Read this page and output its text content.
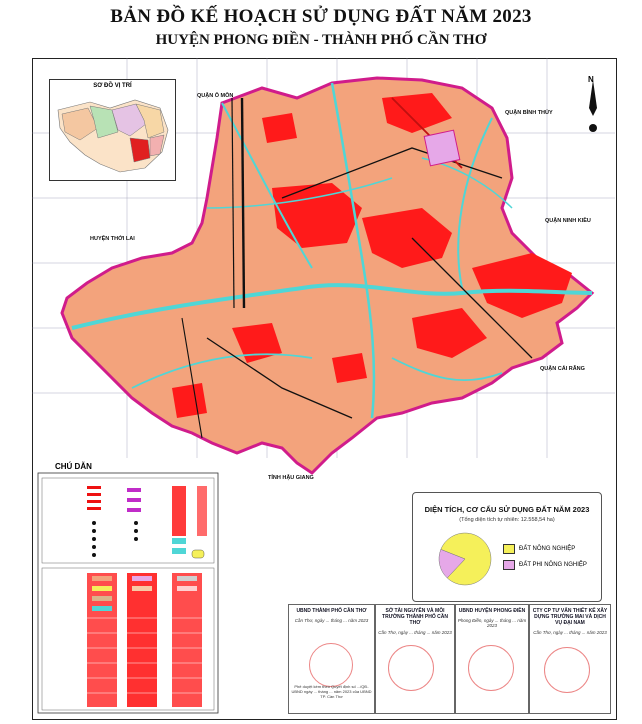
BẢN ĐỒ KẾ HOẠCH SỬ DỤNG ĐẤT NĂM 2023
HUYỆN PHONG ĐIỀN - THÀNH PHỐ CẦN THƠ
QUẬN Ô MÔN
QUẬN BÌNH THỦY
QUẬN NINH KIỀU
HUYỆN THỚI LAI
QUẬN CÁI RĂNG
TỈNH HẬU GIANG
N
SƠ ĐỒ VỊ TRÍ
CHÚ DẪN
DIỆN TÍCH, CƠ CẤU SỬ DỤNG ĐẤT NĂM 2023
(Tổng diện tích tự nhiên: 12.558,54 ha)
ĐẤT NÔNG NGHIỆP
ĐẤT PHI NÔNG NGHIỆP
UBND THÀNH PHỐ CẦN THƠ
Cần Thơ, ngày ... tháng ... năm 2023
Phê duyệt kèm theo Quyết định số .../QĐ-UBND ngày ... tháng ... năm 2023 của UBND TP. Cần Thơ
SỞ TÀI NGUYÊN VÀ MÔI TRƯỜNG THÀNH PHỐ CẦN THƠ
Cần Thơ, ngày ... tháng ... năm 2023
UBND HUYỆN PHONG ĐIỀN
Phong Điền, ngày ... tháng ... năm 2023
CTY CP TƯ VẤN THIẾT KẾ XÂY DỰNG TRƯỜNG MAI VÀ DỊCH VỤ ĐẠI NAM
Cần Thơ, ngày ... tháng ... năm 2023
